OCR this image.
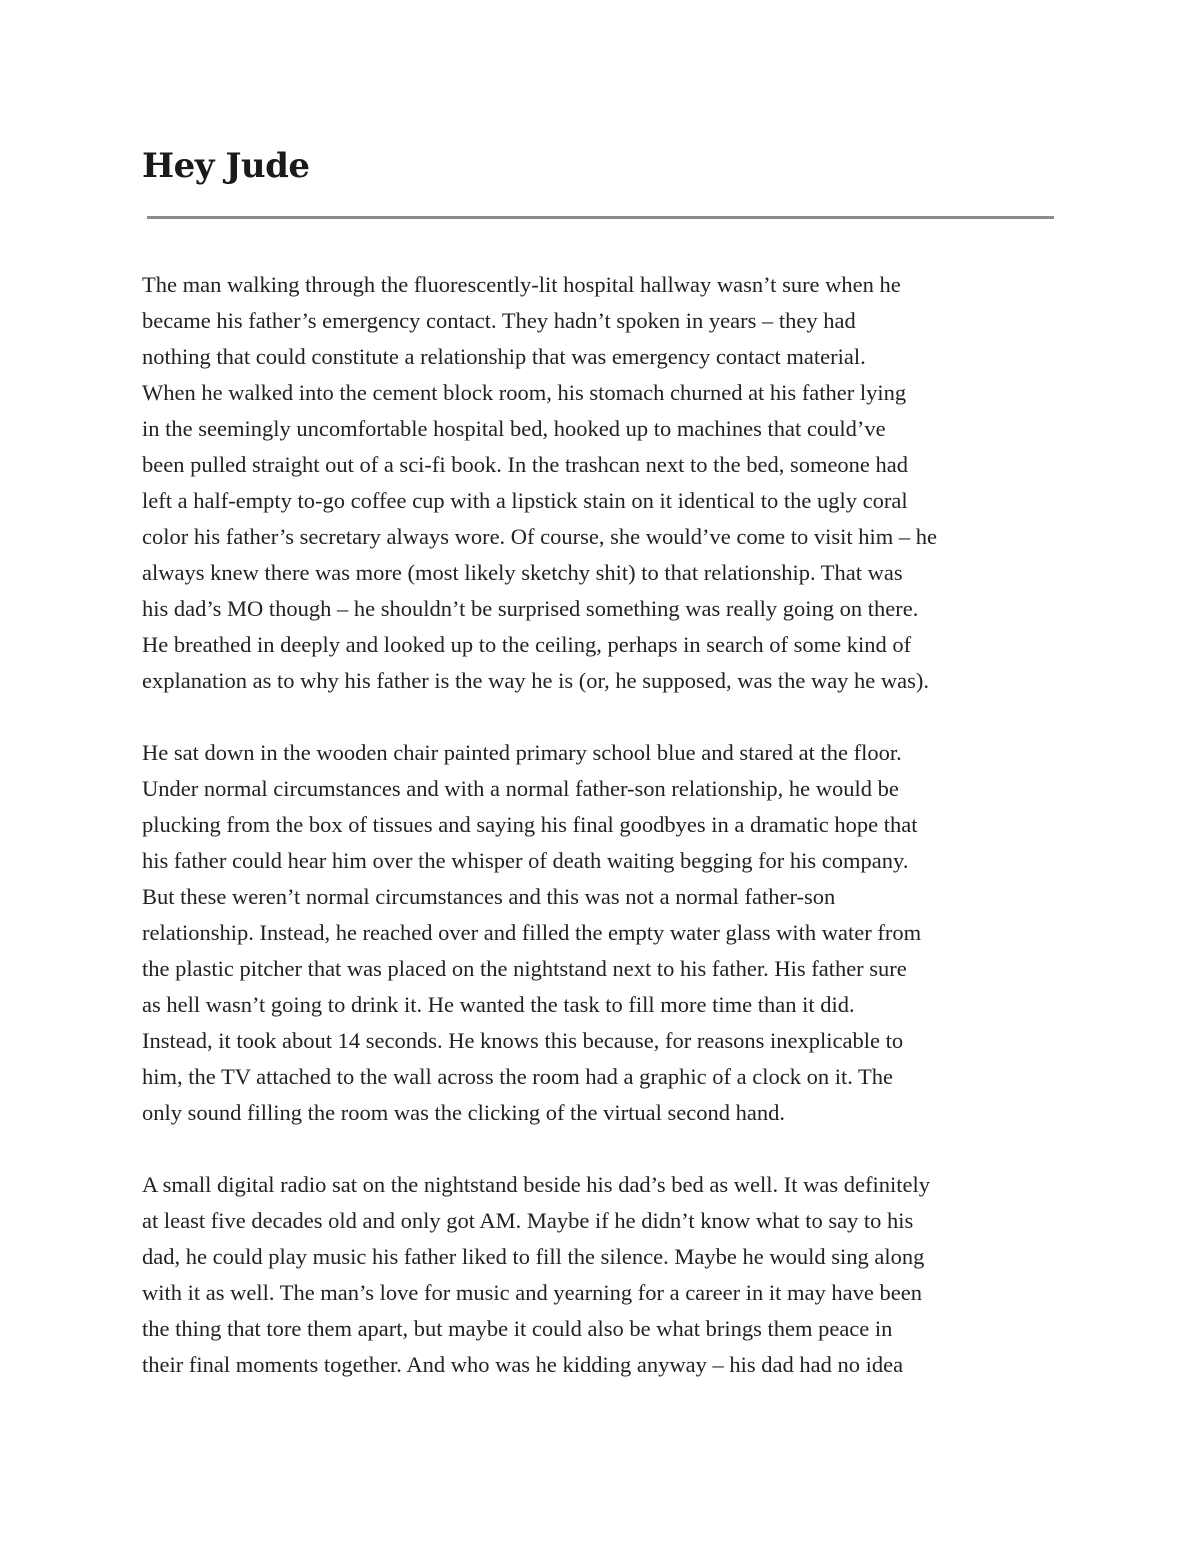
Hey Jude
The man walking through the fluorescently-lit hospital hallway wasn’t sure when he
became his father’s emergency contact. They hadn’t spoken in years – they had
nothing that could constitute a relationship that was emergency contact material.
When he walked into the cement block room, his stomach churned at his father lying
in the seemingly uncomfortable hospital bed, hooked up to machines that could’ve
been pulled straight out of a sci-fi book. In the trashcan next to the bed, someone had
left a half-empty to-go coffee cup with a lipstick stain on it identical to the ugly coral
color his father’s secretary always wore. Of course, she would’ve come to visit him – he
always knew there was more (most likely sketchy shit) to that relationship. That was
his dad’s MO though – he shouldn’t be surprised something was really going on there.
He breathed in deeply and looked up to the ceiling, perhaps in search of some kind of
explanation as to why his father is the way he is (or, he supposed, was the way he was).
He sat down in the wooden chair painted primary school blue and stared at the floor.
Under normal circumstances and with a normal father-son relationship, he would be
plucking from the box of tissues and saying his final goodbyes in a dramatic hope that
his father could hear him over the whisper of death waiting begging for his company.
But these weren’t normal circumstances and this was not a normal father-son
relationship. Instead, he reached over and filled the empty water glass with water from
the plastic pitcher that was placed on the nightstand next to his father. His father sure
as hell wasn’t going to drink it. He wanted the task to fill more time than it did.
Instead, it took about 14 seconds. He knows this because, for reasons inexplicable to
him, the TV attached to the wall across the room had a graphic of a clock on it. The
only sound filling the room was the clicking of the virtual second hand.
A small digital radio sat on the nightstand beside his dad’s bed as well. It was definitely
at least five decades old and only got AM. Maybe if he didn’t know what to say to his
dad, he could play music his father liked to fill the silence. Maybe he would sing along
with it as well. The man’s love for music and yearning for a career in it may have been
the thing that tore them apart, but maybe it could also be what brings them peace in
their final moments together. And who was he kidding anyway – his dad had no idea
